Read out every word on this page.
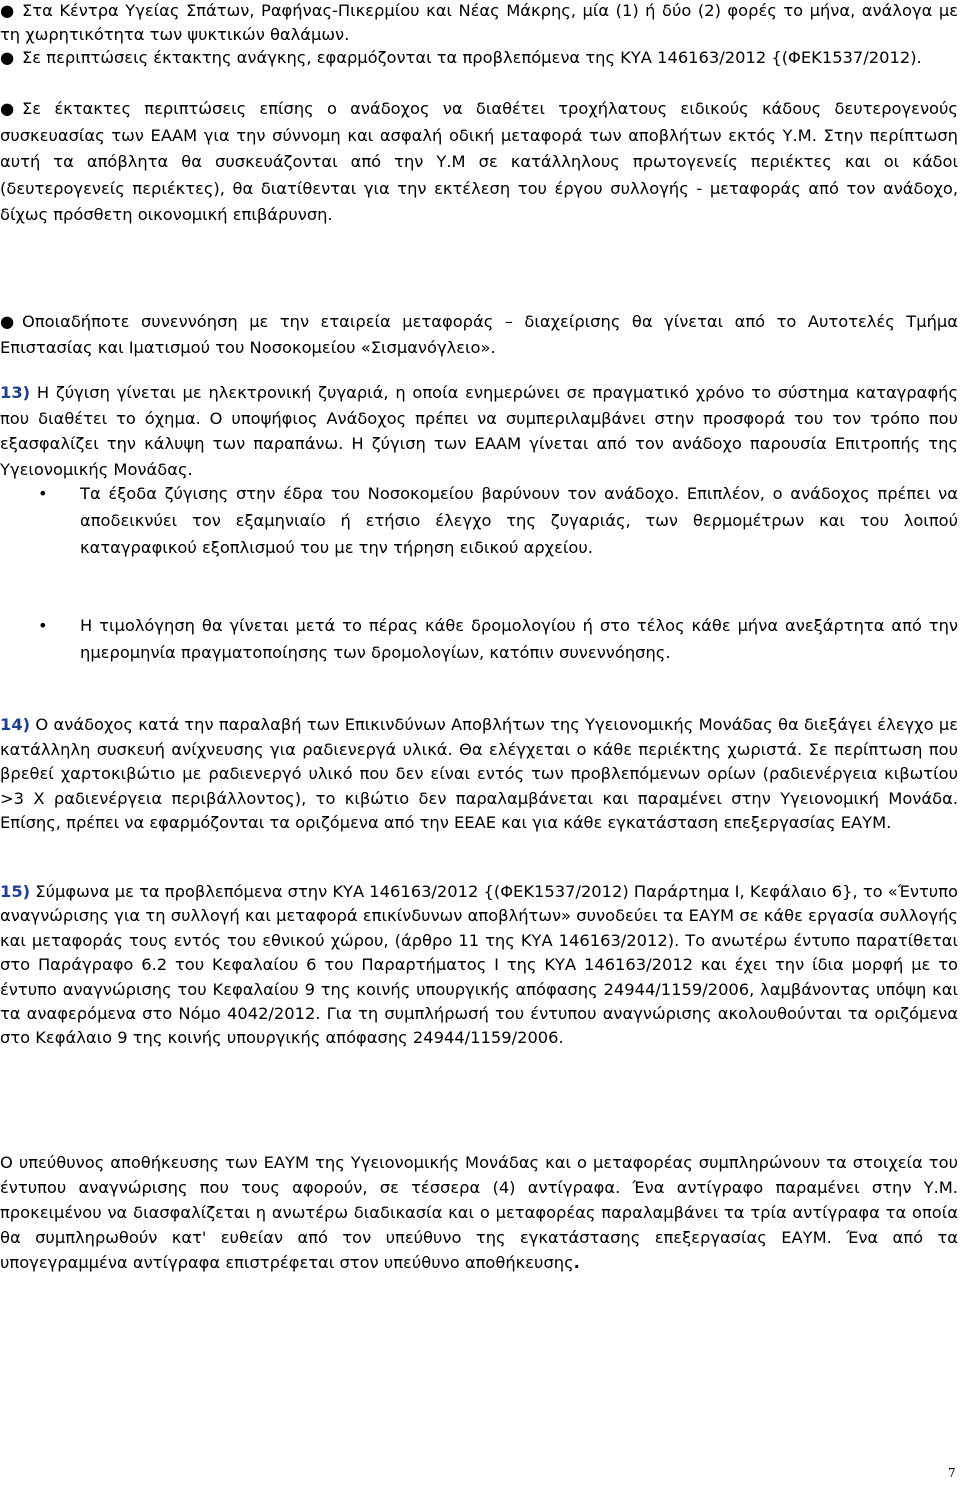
● Στα Κέντρα Υγείας Σπάτων, Ραφήνας-Πικερμίου και Νέας Μάκρης, μία (1) ή δύο (2) φορές το μήνα, ανάλογα με τη χωρητικότητα των ψυκτικών θαλάμων.

● Σε περιπτώσεις έκτακτης ανάγκης, εφαρμόζονται τα προβλεπόμενα της ΚΥΑ 146163/2012 {(ΦΕΚ1537/2012).

● Σε έκτακτες περιπτώσεις επίσης ο ανάδοχος να διαθέτει τροχήλατους ειδικούς κάδους δευτερογενούς συσκευασίας των ΕΑΑΜ για την σύννομη και ασφαλή οδική μεταφορά των αποβλήτων εκτός Υ.Μ. Στην περίπτωση αυτή τα απόβλητα θα συσκευάζονται από την Υ.Μ σε κατάλληλους πρωτογενείς περιέκτες και οι κάδοι (δευτερογενείς περιέκτες), θα διατίθενται για την εκτέλεση του έργου συλλογής - μεταφοράς από τον ανάδοχο, δίχως πρόσθετη οικονομική επιβάρυνση.

● Οποιαδήποτε συνεννόηση με την εταιρεία μεταφοράς – διαχείρισης θα γίνεται από το Αυτοτελές Τμήμα Επιστασίας και Ιματισμού του Νοσοκομείου «Σισμανόγλειο».

13) Η ζύγιση γίνεται με ηλεκτρονική ζυγαριά, η οποία ενημερώνει σε πραγματικό χρόνο το σύστημα καταγραφής που διαθέτει το όχημα. Ο υποψήφιος Ανάδοχος πρέπει να συμπεριλαμβάνει στην προσφορά του τον τρόπο που εξασφαλίζει την κάλυψη των παραπάνω. Η ζύγιση των ΕΑΑΜ γίνεται από τον ανάδοχο παρουσία Επιτροπής της Υγειονομικής Μονάδας.

•	Τα έξοδα ζύγισης στην έδρα του Νοσοκομείου βαρύνουν τον ανάδοχο. Επιπλέον, ο ανάδοχος πρέπει να αποδεικνύει τον εξαμηνιαίο ή ετήσιο έλεγχο της ζυγαριάς, των θερμομέτρων και του λοιπού καταγραφικού εξοπλισμού του με την τήρηση ειδικού αρχείου.

•	Η τιμολόγηση θα γίνεται μετά το πέρας κάθε δρομολογίου ή στο τέλος κάθε μήνα ανεξάρτητα από την ημερομηνία πραγματοποίησης των δρομολογίων, κατόπιν συνεννόησης.

14) Ο ανάδοχος κατά την παραλαβή των Επικινδύνων Αποβλήτων της Υγειονομικής Μονάδας θα διεξάγει έλεγχο με κατάλληλη συσκευή ανίχνευσης για ραδιενεργά υλικά. Θα ελέγχεται ο κάθε περιέκτης χωριστά. Σε περίπτωση που βρεθεί χαρτοκιβώτιο με ραδιενεργό υλικό που δεν είναι εντός των προβλεπόμενων ορίων (ραδιενέργεια κιβωτίου >3 Χ ραδιενέργεια περιβάλλοντος), το κιβώτιο δεν παραλαμβάνεται και παραμένει στην Υγειονομική Μονάδα. Επίσης, πρέπει να εφαρμόζονται τα οριζόμενα από την ΕΕΑΕ και για κάθε εγκατάσταση επεξεργασίας ΕΑΥΜ.

15) Σύμφωνα με τα προβλεπόμενα στην ΚΥΑ 146163/2012 {(ΦΕΚ1537/2012) Παράρτημα Ι, Κεφάλαιο 6}, το «Έντυπο αναγνώρισης για τη συλλογή και μεταφορά επικίνδυνων αποβλήτων» συνοδεύει τα ΕΑΥΜ σε κάθε εργασία συλλογής και μεταφοράς τους εντός του εθνικού χώρου, (άρθρο 11 της ΚΥΑ 146163/2012). Το ανωτέρω έντυπο παρατίθεται στο Παράγραφο 6.2 του Κεφαλαίου 6 του Παραρτήματος Ι της ΚΥΑ 146163/2012 και έχει την ίδια μορφή με το έντυπο αναγνώρισης του Κεφαλαίου 9 της κοινής υπουργικής απόφασης 24944/1159/2006, λαμβάνοντας υπόψη και τα αναφερόμενα στο Νόμο 4042/2012. Για τη συμπλήρωσή του έντυπου αναγνώρισης ακολουθούνται τα οριζόμενα στο Κεφάλαιο 9 της κοινής υπουργικής απόφασης 24944/1159/2006.

Ο υπεύθυνος αποθήκευσης των ΕΑΥΜ της Υγειονομικής Μονάδας και ο μεταφορέας συμπληρώνουν τα στοιχεία του έντυπου αναγνώρισης που τους αφορούν, σε τέσσερα (4) αντίγραφα. Ένα αντίγραφο παραμένει στην Υ.Μ. προκειμένου να διασφαλίζεται η ανωτέρω διαδικασία και ο μεταφορέας παραλαμβάνει τα τρία αντίγραφα τα οποία θα συμπληρωθούν κατ' ευθείαν από τον υπεύθυνο της εγκατάστασης επεξεργασίας ΕΑΥΜ. Ένα από τα υπογεγραμμένα αντίγραφα επιστρέφεται στον υπεύθυνο αποθήκευσης.

7
